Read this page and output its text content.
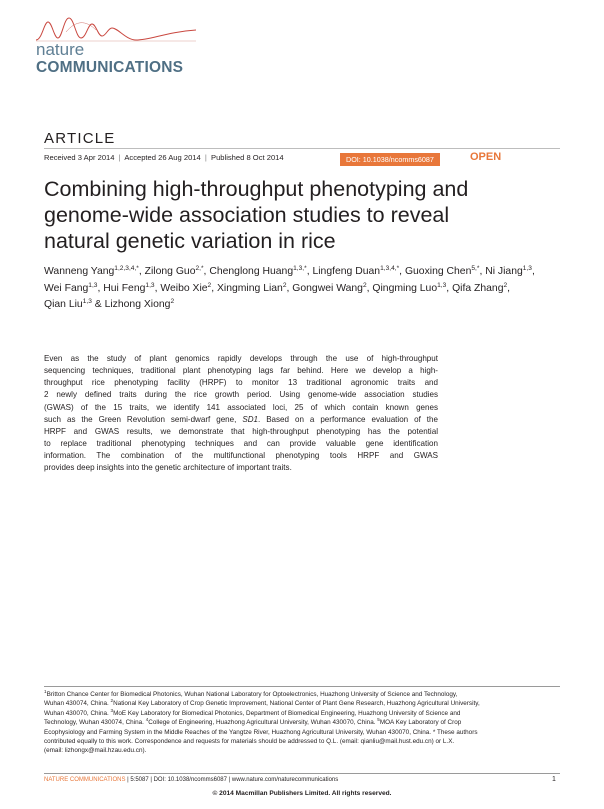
nature
COMMUNICATIONS
ARTICLE
Received 3 Apr 2014 | Accepted 26 Aug 2014 | Published 8 Oct 2014	DOI: 10.1038/ncomms6087	OPEN
Combining high-throughput phenotyping and
genome-wide association studies to reveal
natural genetic variation in rice
Wanneng Yang$^{1,2,3,4,*}$, Zilong Guo$^{2,*}$, Chenglong Huang$^{1,3,*}$, Lingfeng Duan$^{1,3,4,*}$, Guoxing Chen$^{5,*}$, Ni Jiang$^{1,3}$,
Wei Fang$^{1,3}$, Hui Feng$^{1,3}$, Weibo Xie$^2$, Xingming Lian$^2$, Gongwei Wang$^2$, Qingming Luo$^{1,3}$, Qifa Zhang$^2$,
Qian Liu$^{1,3}$ & Lizhong Xiong$^2$
Even as the study of plant genomics rapidly develops through the use of high-throughput
sequencing techniques, traditional plant phenotyping lags far behind. Here we develop a high-
throughput rice phenotyping facility (HRPF) to monitor 13 traditional agronomic traits and
2 newly defined traits during the rice growth period. Using genome-wide association studies
(GWAS) of the 15 traits, we identify 141 associated loci, 25 of which contain known genes
such as the Green Revolution semi-dwarf gene, SD1. Based on a performance evaluation of the
HRPF and GWAS results, we demonstrate that high-throughput phenotyping has the potential
to replace traditional phenotyping techniques and can provide valuable gene identification
information. The combination of the multifunctional phenotyping tools HRPF and GWAS
provides deep insights into the genetic architecture of important traits.
$^1$Britton Chance Center for Biomedical Photonics, Wuhan National Laboratory for Optoelectronics, Huazhong University of Science and Technology,
Wuhan 430074, China. $^2$National Key Laboratory of Crop Genetic Improvement, National Center of Plant Gene Research, Huazhong Agricultural University,
Wuhan 430070, China. $^3$MoE Key Laboratory for Biomedical Photonics, Department of Biomedical Engineering, Huazhong University of Science and
Technology, Wuhan 430074, China. $^4$College of Engineering, Huazhong Agricultural University, Wuhan 430070, China. $^5$MOA Key Laboratory of Crop
Ecophysiology and Farming System in the Middle Reaches of the Yangtze River, Huazhong Agricultural University, Wuhan 430070, China. * These authors
contributed equally to this work. Correspondence and requests for materials should be addressed to Q.L. (email: qianliu@mail.hust.edu.cn) or L.X.
(email: lizhongx@mail.hzau.edu.cn).
NATURE COMMUNICATIONS | 5:5087 | DOI: 10.1038/ncomms6087 | www.nature.com/naturecommunications	1
© 2014 Macmillan Publishers Limited. All rights reserved.
